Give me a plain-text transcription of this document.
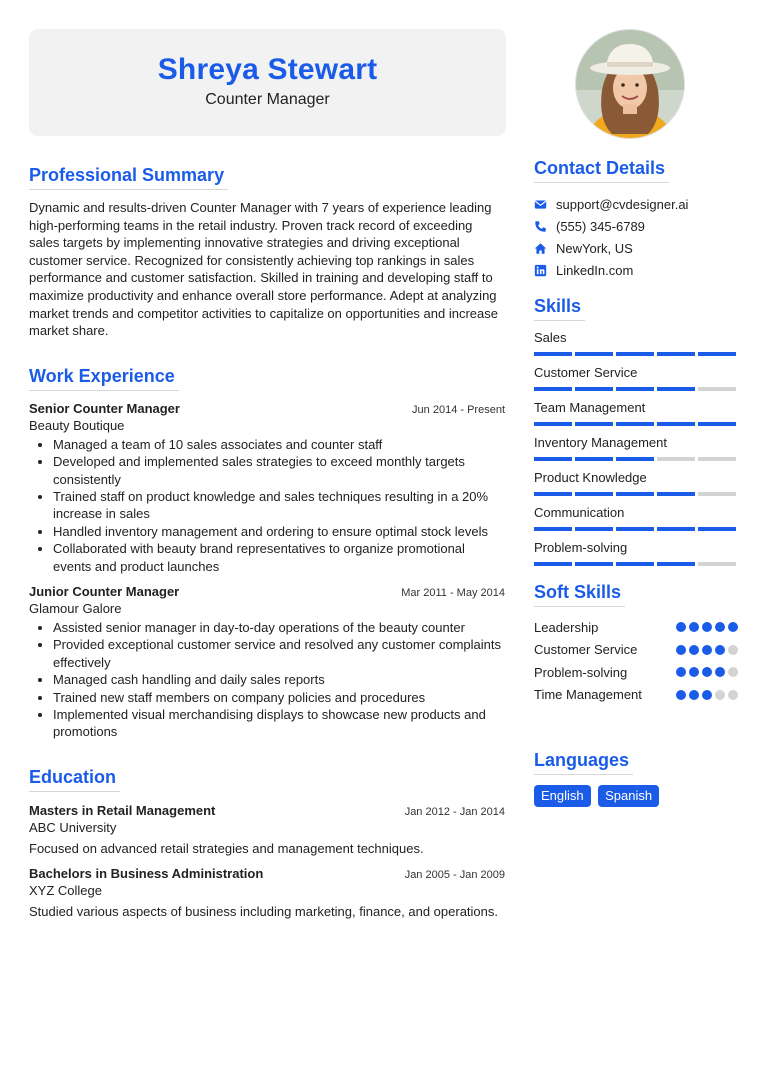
Shreya Stewart
Counter Manager
Professional Summary

Dynamic and results-driven Counter Manager with 7 years of experience leading high-performing teams in the retail industry. Proven track record of exceeding sales targets by implementing innovative strategies and driving exceptional customer service. Recognized for consistently achieving top rankings in sales performance and customer satisfaction. Skilled in training and developing staff to maximize productivity and enhance overall store performance. Adept at analyzing market trends and competitor activities to capitalize on opportunities and increase market share.

Work Experience
Senior Counter Manager	Jun 2014 - Present
Beauty Boutique
• Managed a team of 10 sales associates and counter staff
• Developed and implemented sales strategies to exceed monthly targets consistently
• Trained staff on product knowledge and sales techniques resulting in a 20% increase in sales
• Handled inventory management and ordering to ensure optimal stock levels
• Collaborated with beauty brand representatives to organize promotional events and product launches
Junior Counter Manager	Mar 2011 - May 2014
Glamour Galore
• Assisted senior manager in day-to-day operations of the beauty counter
• Provided exceptional customer service and resolved any customer complaints effectively
• Managed cash handling and daily sales reports
• Trained new staff members on company policies and procedures
• Implemented visual merchandising displays to showcase new products and promotions
Education
Masters in Retail Management	Jan 2012 - Jan 2014
ABC University
Focused on advanced retail strategies and management techniques.
Bachelors in Business Administration	Jan 2005 - Jan 2009
XYZ College
Studied various aspects of business including marketing, finance, and operations.
Contact Details
support@cvdesigner.ai
(555) 345-6789
NewYork, US
LinkedIn.com
Skills
Sales
Customer Service
Team Management
Inventory Management
Product Knowledge
Communication
Problem-solving
Soft Skills
Leadership
Customer Service
Problem-solving
Time Management
Languages
English Spanish
